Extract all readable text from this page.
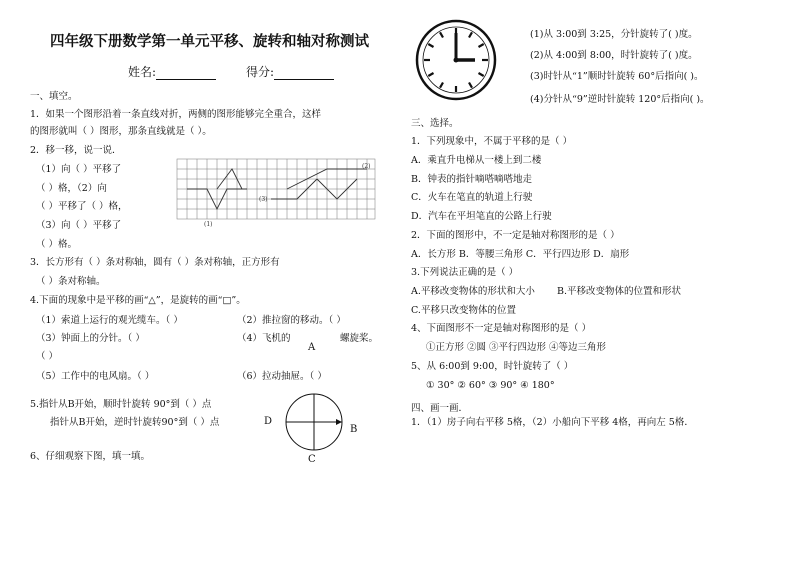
四年级下册数学第一单元平移、旋转和轴对称测试
姓名:	得分:
一、填空。
1．如果一个图形沿着一条直线对折，两侧的图形能够完全重合，这样
的图形就叫（ ）图形，那条直线就是（ ）。
2．移一移，说一说．
（1）向（ ）平移了
（ ）格，（2）向
（ ）平移了（ ）格，
（3）向（ ）平移了
（ ）格。
(1)
(3)
(2)
3．长方形有（ ）条对称轴，圆有（ ）条对称轴，正方形有
（ ）条对称轴。
4.下面的现象中是平移的画“△”，是旋转的画“□”。
（1）索道上运行的观光缆车。（ ）	（2）推拉窗的移动。（ ）
（3）钟面上的分针。（ ）	（4）飞机的
A
螺旋桨。
（ ）
（5）工作中的电风扇。（ ）	（6）拉动抽屉。（ ）
5.指针从B开始，顺时针旋转 90°到（ ）点
指针从B开始，逆时针旋转90°到（ ）点	D
B
C
6、仔细观察下图，填一填。
(1)从 3:00到 3:25，分针旋转了( )度。
(2)从 4:00到 8:00，时针旋转了( )度。
(3)时针从“1”顺时针旋转 60°后指向( )。
(4)分针从“9”逆时针旋转 120°后指向( )。
三、选择。
1．下列现象中，不属于平移的是（ ）
A．乘直升电梯从一楼上到二楼
B．钟表的指针嘀嗒嘀嗒地走
C．火车在笔直的轨道上行驶
D．汽车在平坦笔直的公路上行驶
2．下面的图形中，不一定是轴对称图形的是（ ）
A．长方形 B．等腰三角形 C．平行四边形 D．扇形
3.下列说法正确的是（ ）
A.平移改变物体的形状和大小 B.平移改变物体的位置和形状
C.平移只改变物体的位置
4、下面图形不一定是轴对称图形的是（ ）
①正方形 ②圆 ③平行四边形 ④等边三角形
5、从 6:00到 9:00，时针旋转了（ ）
① 30° ② 60° ③ 90° ④ 180°
四、画一画．
1．（1）房子向右平移 5格，（2）小船向下平移 4格，再向左 5格．
